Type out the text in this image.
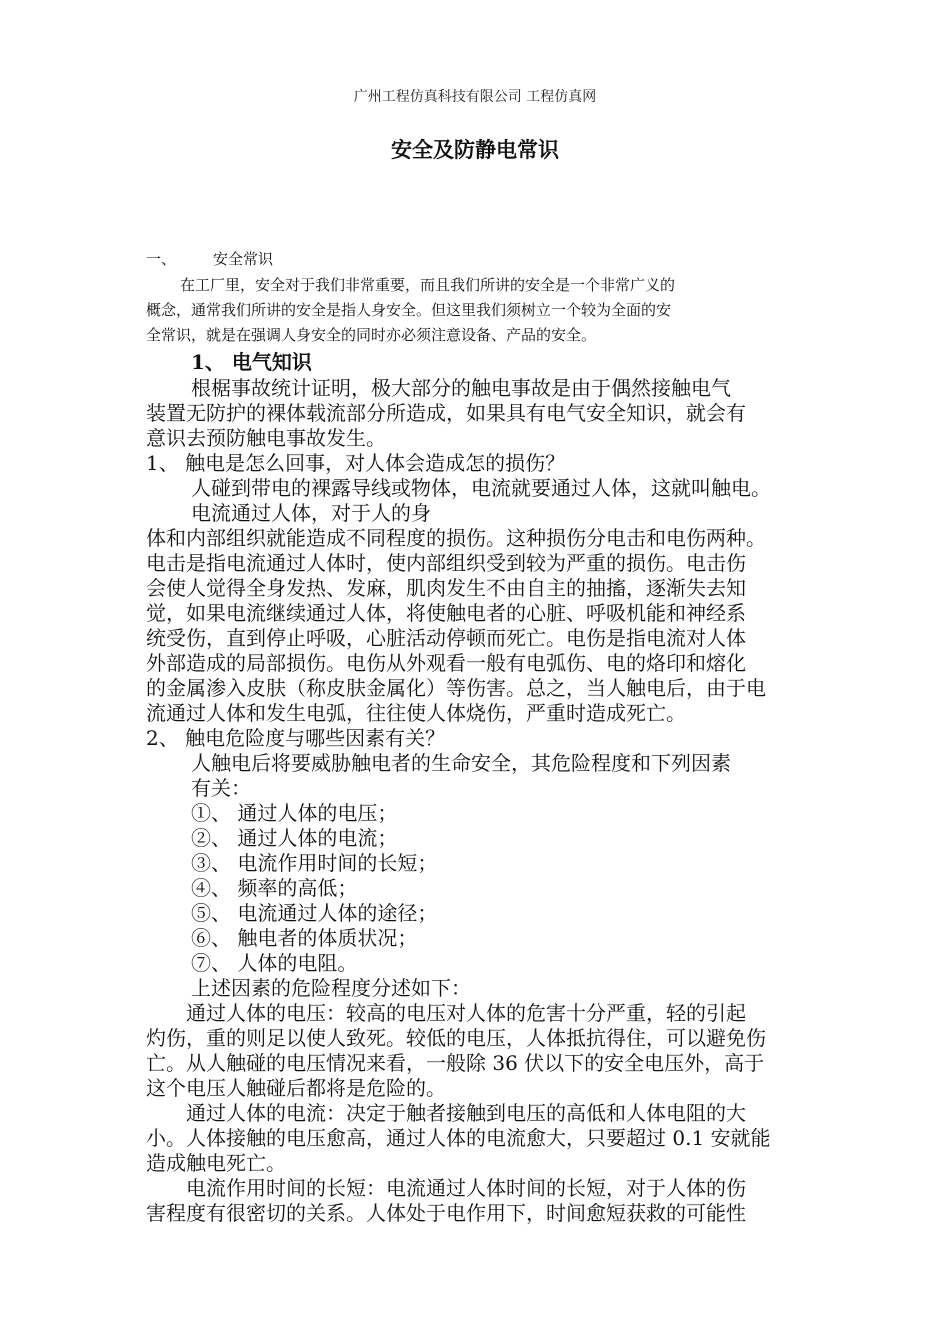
广州工程仿真科技有限公司 工程仿真网
安全及防静电常识
一、 安全常识
在工厂里，安全对于我们非常重要，而且我们所讲的安全是一个非常广义的
概念，通常我们所讲的安全是指人身安全。但这里我们须树立一个较为全面的安
全常识，就是在强调人身安全的同时亦必须注意设备、产品的安全。
1、 电气知识
根椐事故统计证明，极大部分的触电事故是由于偶然接触电气
装置无防护的裸体载流部分所造成，如果具有电气安全知识，就会有
意识去预防触电事故发生。
1、 触电是怎么回事，对人体会造成怎的损伤？
人碰到带电的裸露导线或物体，电流就要通过人体，这就叫触电。
电流通过人体，对于人的身
体和内部组织就能造成不同程度的损伤。这种损伤分电击和电伤两种。
电击是指电流通过人体时，使内部组织受到较为严重的损伤。电击伤
会使人觉得全身发热、发麻，肌肉发生不由自主的抽搐，逐渐失去知
觉，如果电流继续通过人体，将使触电者的心脏、呼吸机能和神经系
统受伤，直到停止呼吸，心脏活动停顿而死亡。电伤是指电流对人体
外部造成的局部损伤。电伤从外观看一般有电弧伤、电的烙印和熔化
的金属渗入皮肤（称皮肤金属化）等伤害。总之，当人触电后，由于电
流通过人体和发生电弧，往往使人体烧伤，严重时造成死亡。
2、 触电危险度与哪些因素有关？
人触电后将要威胁触电者的生命安全，其危险程度和下列因素
有关：
①、 通过人体的电压；
②、 通过人体的电流；
③、 电流作用时间的长短；
④、 频率的高低；
⑤、 电流通过人体的途径；
⑥、 触电者的体质状况；
⑦、 人体的电阻。
上述因素的危险程度分述如下：
通过人体的电压：较高的电压对人体的危害十分严重，轻的引起
灼伤，重的则足以使人致死。较低的电压，人体抵抗得住，可以避免伤
亡。从人触碰的电压情况来看，一般除 36 伏以下的安全电压外，高于
这个电压人触碰后都将是危险的。
通过人体的电流：决定于触者接触到电压的高低和人体电阻的大
小。人体接触的电压愈高，通过人体的电流愈大，只要超过 0.1 安就能
造成触电死亡。
电流作用时间的长短：电流通过人体时间的长短，对于人体的伤
害程度有很密切的关系。人体处于电作用下，时间愈短获救的可能性
